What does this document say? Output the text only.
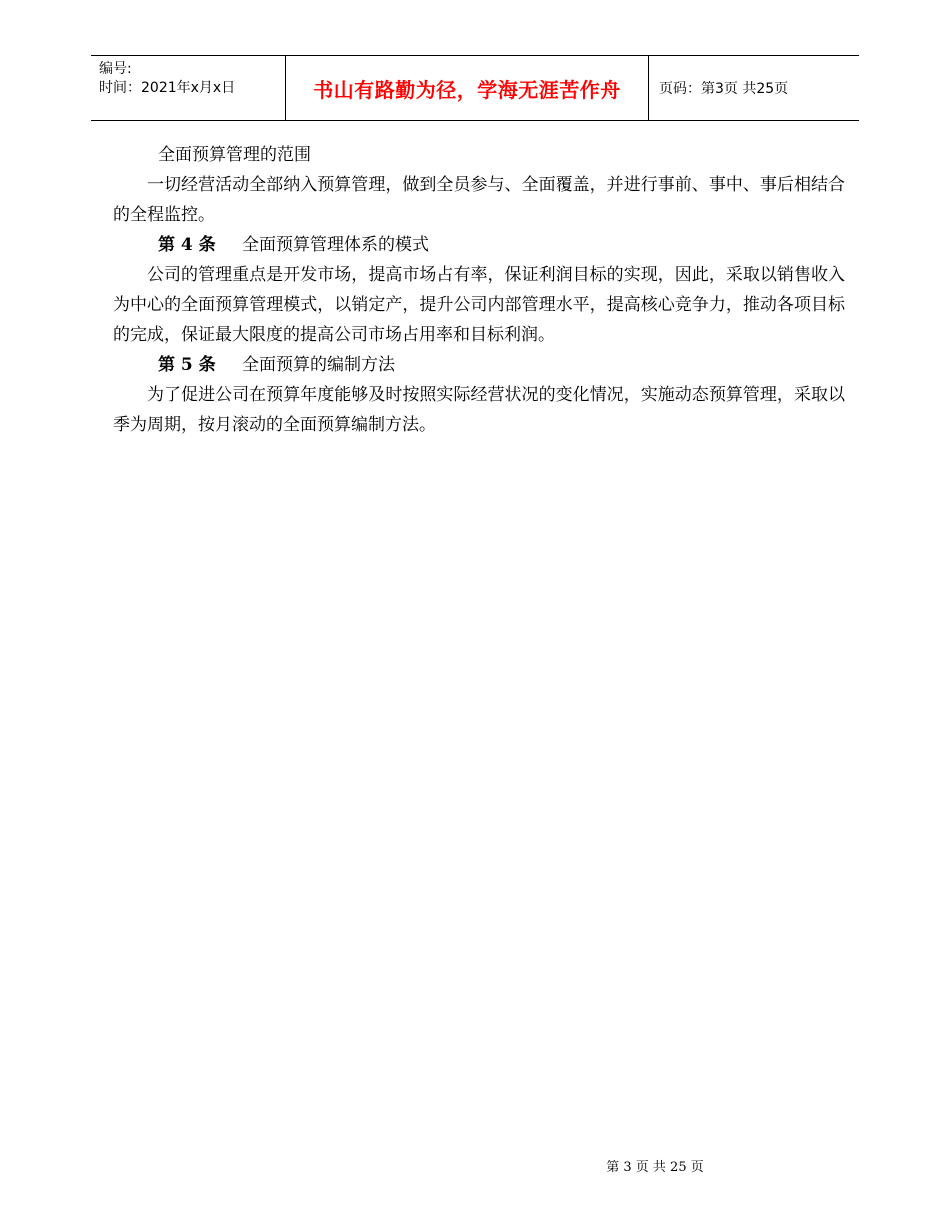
编号:
时间：2021年x月x日	书山有路勤为径，学海无涯苦作舟	页码：第3页 共25页

全面预算管理的范围

一切经营活动全部纳入预算管理，做到全员参与、全面覆盖，并进行事前、事中、事后相结合的全程监控。

第 4 条	全面预算管理体系的模式

公司的管理重点是开发市场，提高市场占有率，保证利润目标的实现，因此，采取以销售收入为中心的全面预算管理模式，以销定产，提升公司内部管理水平，提高核心竞争力，推动各项目标的完成，保证最大限度的提高公司市场占用率和目标利润。

第 5 条	全面预算的编制方法

为了促进公司在预算年度能够及时按照实际经营状况的变化情况，实施动态预算管理，采取以季为周期，按月滚动的全面预算编制方法。

第 3 页 共 25 页
